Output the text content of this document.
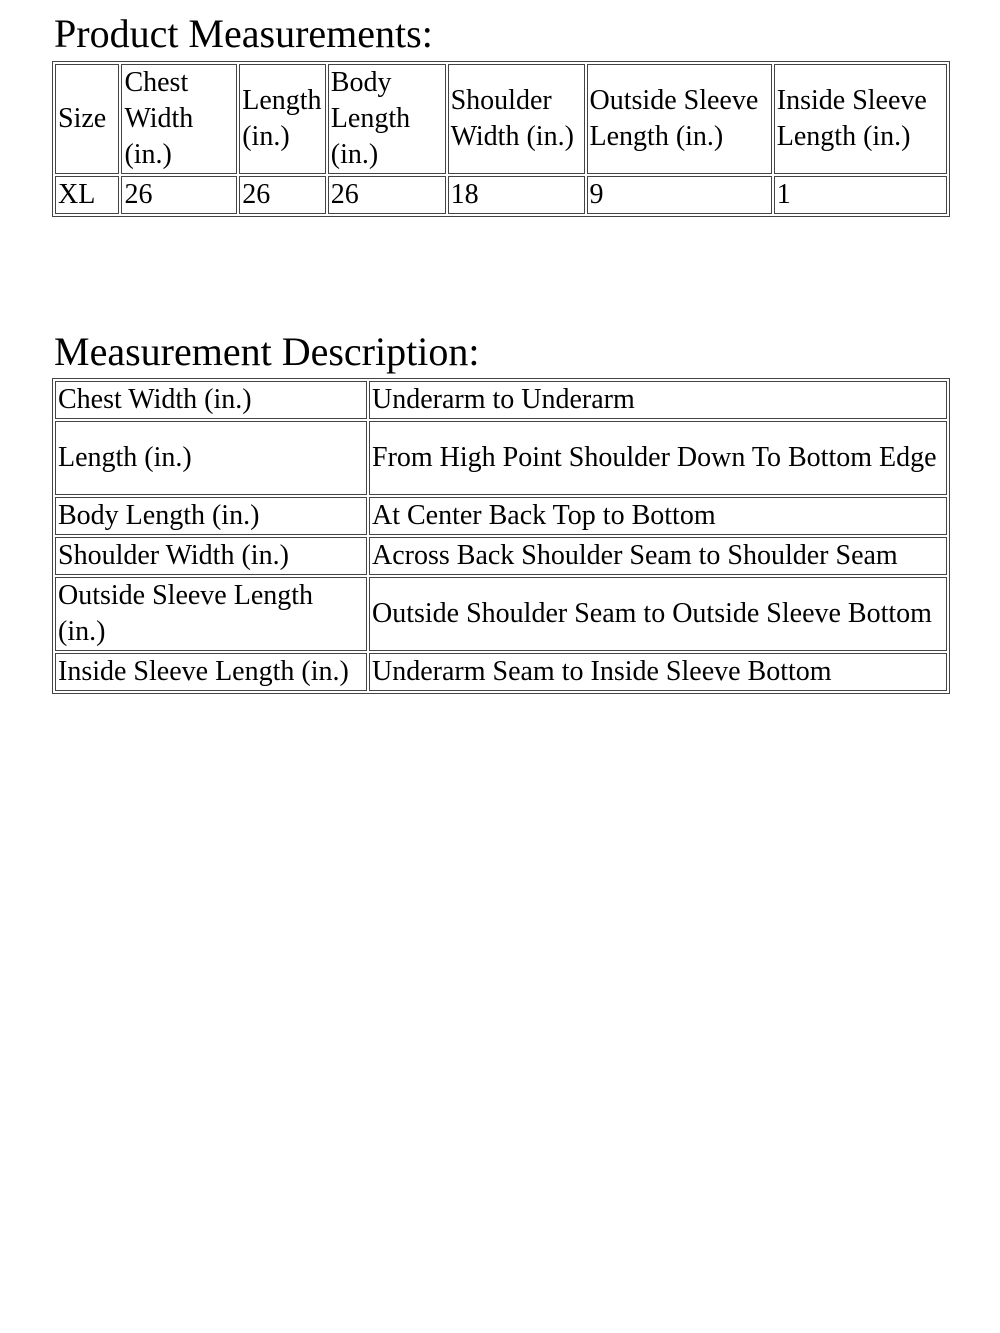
Product Measurements:
Size	Chest Width (in.)	Length (in.)	Body Length (in.)	Shoulder Width (in.)	Outside Sleeve Length (in.)	Inside Sleeve Length (in.)
XL	26	26	26	18	9	1
Measurement Description:
Chest Width (in.)	Underarm to Underarm
Length (in.)	From High Point Shoulder Down To Bottom Edge
Body Length (in.)	At Center Back Top to Bottom
Shoulder Width (in.)	Across Back Shoulder Seam to Shoulder Seam
Outside Sleeve Length (in.)	Outside Shoulder Seam to Outside Sleeve Bottom
Inside Sleeve Length (in.)	Underarm Seam to Inside Sleeve Bottom
